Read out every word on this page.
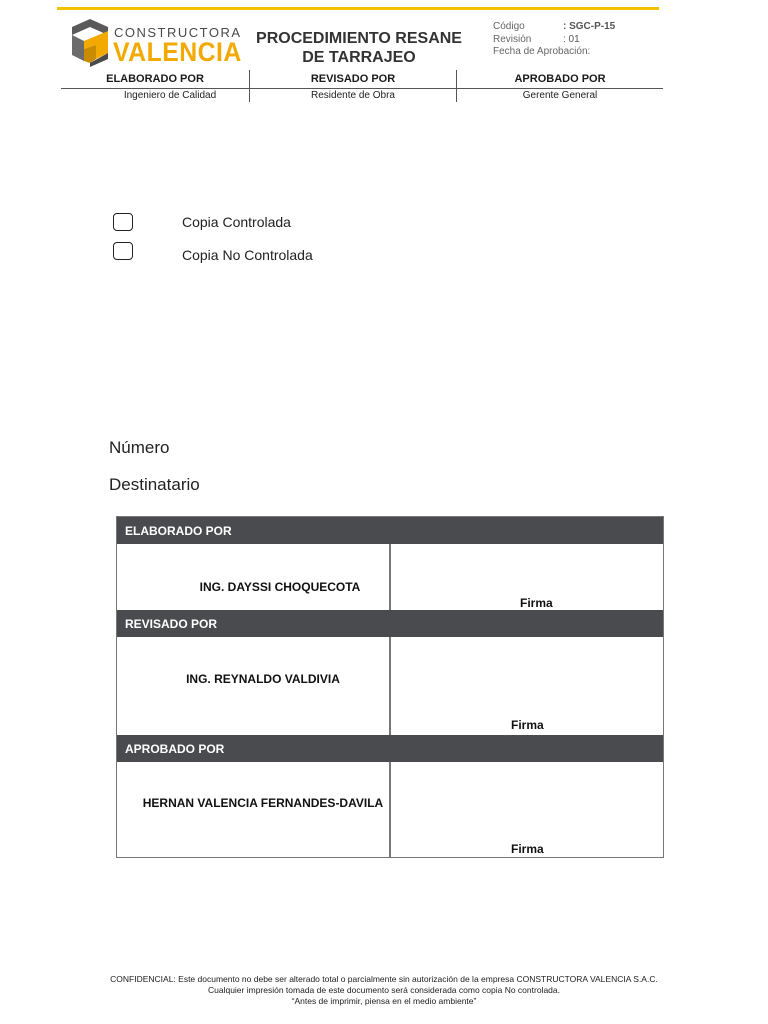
CONSTRUCTORA
VALENCIA PROCEDIMIENTO RESANE DE TARRAJEO
Código	: SGC-P-15
Revisión	: 01
Fecha de Aprobación:
ELABORADO POR	REVISADO POR	APROBADO POR
Ingeniero de Calidad	Residente de Obra	Gerente General
Copia Controlada
Copia No Controlada
Número
Destinatario
ELABORADO POR
ING. DAYSSI CHOQUECOTA
Firma
REVISADO POR
ING. REYNALDO VALDIVIA
Firma
APROBADO POR
HERNAN VALENCIA FERNANDES-DAVILA
Firma
CONFIDENCIAL: Este documento no debe ser alterado total o parcialmente sin autorización de la empresa CONSTRUCTORA VALENCIA S.A.C.
Cualquier impresión tomada de este documento será considerada como copia No controlada.
“Antes de imprimir, piensa en el medio ambiente”
